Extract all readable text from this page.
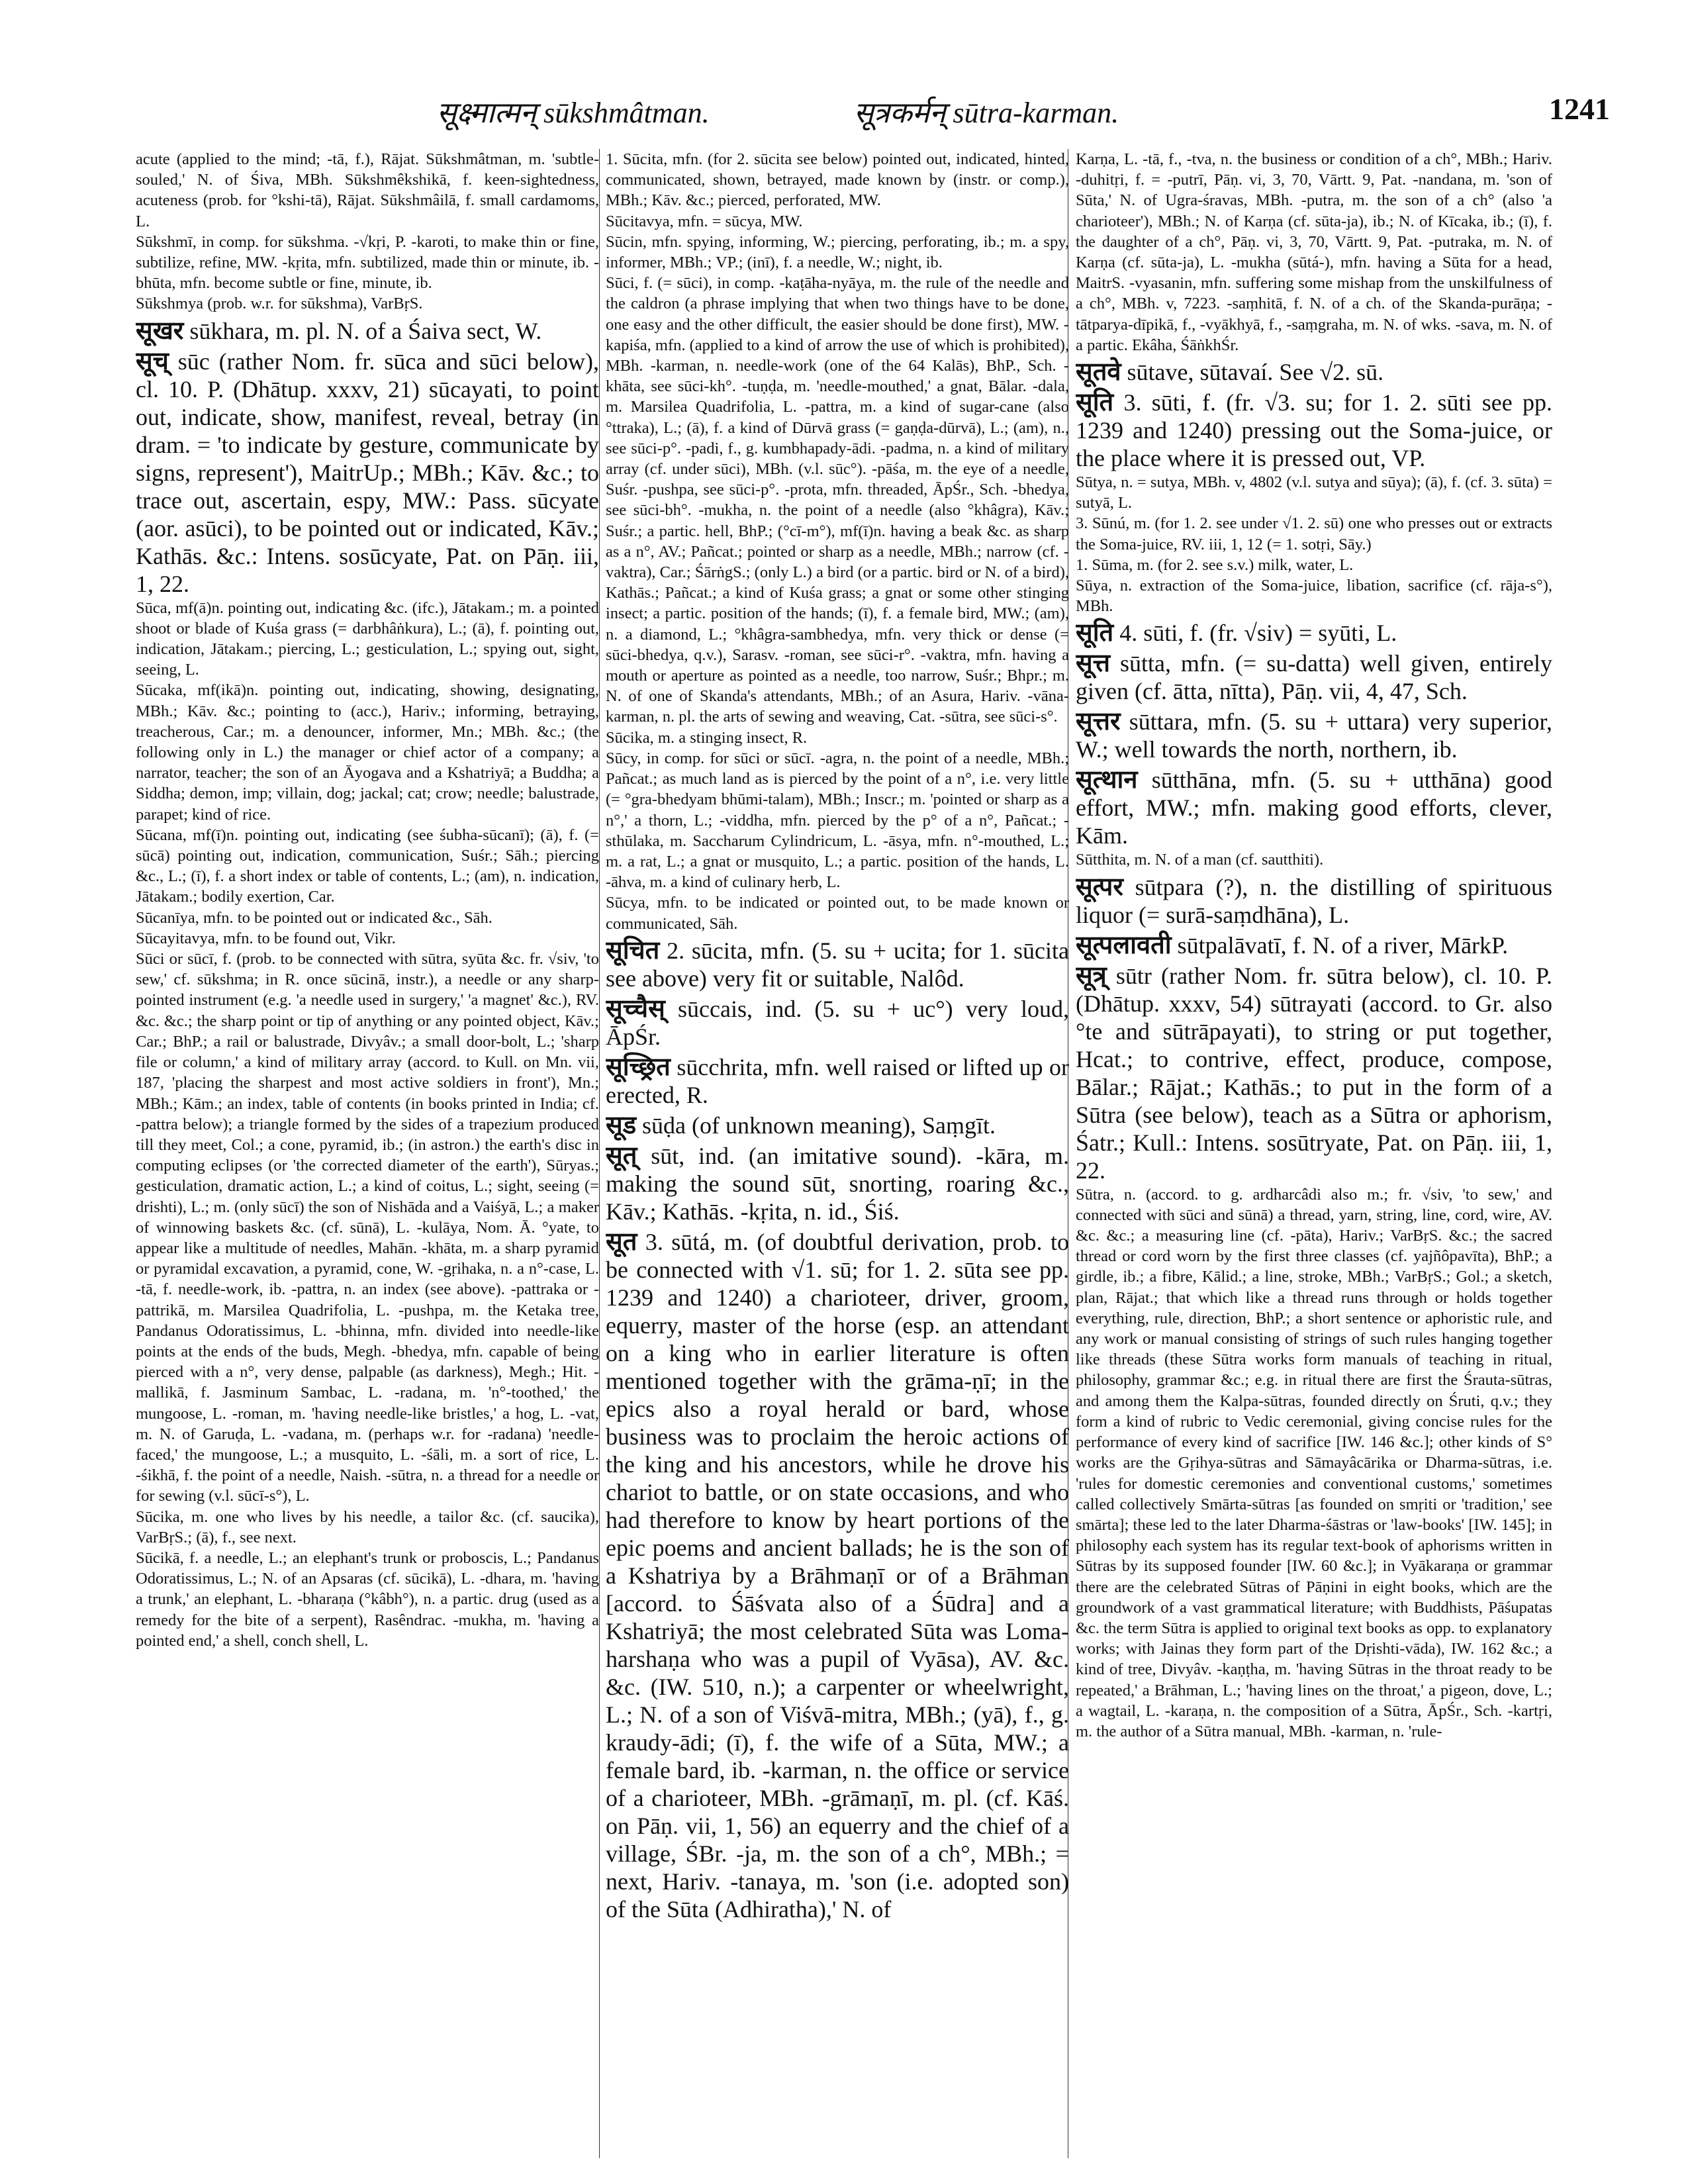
सूक्ष्मात्मन् sūkshmâtman.	सूत्रकर्मन् sūtra-karman.	1241

acute (applied to the mind; -tā, f.), Rājat. Sūkshmâtman, m. 'subtle-souled,' N. of Śiva, MBh. Sūkshmêkshikā, f. keen-sightedness, acuteness (prob. for °kshi-tā), Rājat. Sūkshmâilā, f. small cardamoms, L.

Sūkshmī, in comp. for sūkshma. -√kṛi, P. -karoti, to make thin or fine, subtilize, refine, MW. -kṛita, mfn. subtilized, made thin or minute, ib. -bhūta, mfn. become subtle or fine, minute, ib.

Sūkshmya (prob. w.r. for sūkshma), VarBṛS.

सूखर sūkhara, m. pl. N. of a Śaiva sect, W.

सूच् sūc (rather Nom. fr. sūca and sūci below), cl. 10. P. (Dhātup. xxxv, 21) sūcayati, to point out, indicate, show, manifest, reveal, betray (in dram. = 'to indicate by gesture, communicate by signs, represent'), MaitrUp.; MBh.; Kāv. &c.; to trace out, ascertain, espy, MW.: Pass. sūcyate (aor. asūci), to be pointed out or indicated, Kāv.; Kathās. &c.: Intens. sosūcyate, Pat. on Pāṇ. iii, 1, 22.

Sūca, mf(ā)n. pointing out, indicating &c. (ifc.), Jātakam.; m. a pointed shoot or blade of Kuśa grass (= darbhâṅkura), L.; (ā), f. pointing out, indication, Jātakam.; piercing, L.; gesticulation, L.; spying out, sight, seeing, L.

Sūcaka, mf(ikā)n. pointing out, indicating, showing, designating, MBh.; Kāv. &c.; pointing to (acc.), Hariv.; informing, betraying, treacherous, Car.; m. a denouncer, informer, Mn.; MBh. &c.; (the following only in L.) the manager or chief actor of a company; a narrator, teacher; the son of an Āyogava and a Kshatriyā; a Buddha; a Siddha; demon, imp; villain, dog; jackal; cat; crow; needle; balustrade, parapet; kind of rice.

Sūcana, mf(ī)n. pointing out, indicating (see śubha-sūcanī); (ā), f. (= sūcā) pointing out, indication, communication, Suśr.; Sāh.; piercing &c., L.; (ī), f. a short index or table of contents, L.; (am), n. indication, Jātakam.; bodily exertion, Car.

Sūcanīya, mfn. to be pointed out or indicated &c., Sāh.

Sūcayitavya, mfn. to be found out, Vikr.

Sūci or sūcī, f. (prob. to be connected with sūtra, syūta &c. fr. √siv, 'to sew,' cf. sūkshma; in R. once sūcinā, instr.), a needle or any sharp-pointed instrument (e.g. 'a needle used in surgery,' 'a magnet' &c.), RV. &c. &c.; the sharp point or tip of anything or any pointed object, Kāv.; Car.; BhP.; a rail or balustrade, Divyâv.; a small door-bolt, L.; 'sharp file or column,' a kind of military array (accord. to Kull. on Mn. vii, 187, 'placing the sharpest and most active soldiers in front'), Mn.; MBh.; Kām.; an index, table of contents (in books printed in India; cf. -pattra below); a triangle formed by the sides of a trapezium produced till they meet, Col.; a cone, pyramid, ib.; (in astron.) the earth's disc in computing eclipses (or 'the corrected diameter of the earth'), Sūryas.; gesticulation, dramatic action, L.; a kind of coitus, L.; sight, seeing (= drishti), L.; m. (only sūcī) the son of Nishāda and a Vaiśyā, L.; a maker of winnowing baskets &c. (cf. sūnā), L. -kulāya, Nom. Ā. °yate, to appear like a multitude of needles, Mahān. -khāta, m. a sharp pyramid or pyramidal excavation, a pyramid, cone, W. -gṛihaka, n. a n°-case, L. -tā, f. needle-work, ib. -pattra, n. an index (see above). -pattraka or -pattrikā, m. Marsilea Quadrifolia, L. -pushpa, m. the Ketaka tree, Pandanus Odoratissimus, L. -bhinna, mfn. divided into needle-like points at the ends of the buds, Megh. -bhedya, mfn. capable of being pierced with a n°, very dense, palpable (as darkness), Megh.; Hit. -mallikā, f. Jasminum Sambac, L. -radana, m. 'n°-toothed,' the mungoose, L. -roman, m. 'having needle-like bristles,' a hog, L. -vat, m. N. of Garuḍa, L. -vadana, m. (perhaps w.r. for -radana) 'needle-faced,' the mungoose, L.; a musquito, L. -śāli, m. a sort of rice, L. -śikhā, f. the point of a needle, Naish. -sūtra, n. a thread for a needle or for sewing (v.l. sūcī-s°), L.

Sūcika, m. one who lives by his needle, a tailor &c. (cf. saucika), VarBṛS.; (ā), f., see next.

Sūcikā, f. a needle, L.; an elephant's trunk or proboscis, L.; Pandanus Odoratissimus, L.; N. of an Apsaras (cf. sūcikā), L. -dhara, m. 'having a trunk,' an elephant, L. -bharaṇa (°kâbh°), n. a partic. drug (used as a remedy for the bite of a serpent), Rasêndrac. -mukha, m. 'having a pointed end,' a shell, conch shell, L.

1. Sūcita, mfn. (for 2. sūcita see below) pointed out, indicated, hinted, communicated, shown, betrayed, made known by (instr. or comp.), MBh.; Kāv. &c.; pierced, perforated, MW.

Sūcitavya, mfn. = sūcya, MW.

Sūcin, mfn. spying, informing, W.; piercing, perforating, ib.; m. a spy, informer, MBh.; VP.; (inī), f. a needle, W.; night, ib.

Sūci, f. (= sūci), in comp. -kaṭāha-nyāya, m. the rule of the needle and the caldron (a phrase implying that when two things have to be done, one easy and the other difficult, the easier should be done first), MW. -kapiśa, mfn. (applied to a kind of arrow the use of which is prohibited), MBh. -karman, n. needle-work (one of the 64 Kalās), BhP., Sch. -khāta, see sūci-kh°. -tuṇḍa, m. 'needle-mouthed,' a gnat, Bālar. -dala, m. Marsilea Quadrifolia, L. -pattra, m. a kind of sugar-cane (also °ttraka), L.; (ā), f. a kind of Dūrvā grass (= gaṇḍa-dūrvā), L.; (am), n., see sūci-p°. -padi, f., g. kumbhapady-ādi. -padma, n. a kind of military array (cf. under sūci), MBh. (v.l. sūc°). -pāśa, m. the eye of a needle, Suśr. -pushpa, see sūci-p°. -prota, mfn. threaded, ĀpŚr., Sch. -bhedya, see sūci-bh°. -mukha, n. the point of a needle (also °khâgra), Kāv.; Suśr.; a partic. hell, BhP.; (°cī-m°), mf(ī)n. having a beak &c. as sharp as a n°, AV.; Pañcat.; pointed or sharp as a needle, MBh.; narrow (cf. -vaktra), Car.; ŚārṅgS.; (only L.) a bird (or a partic. bird or N. of a bird), Kathās.; Pañcat.; a kind of Kuśa grass; a gnat or some other stinging insect; a partic. position of the hands; (ī), f. a female bird, MW.; (am), n. a diamond, L.; °khâgra-sambhedya, mfn. very thick or dense (= sūci-bhedya, q.v.), Sarasv. -roman, see sūci-r°. -vaktra, mfn. having a mouth or aperture as pointed as a needle, too narrow, Suśr.; Bhpr.; m. N. of one of Skanda's attendants, MBh.; of an Asura, Hariv. -vāna-karman, n. pl. the arts of sewing and weaving, Cat. -sūtra, see sūci-s°.

Sūcika, m. a stinging insect, R.

Sūcy, in comp. for sūci or sūcī. -agra, n. the point of a needle, MBh.; Pañcat.; as much land as is pierced by the point of a n°, i.e. very little (= °gra-bhedyam bhūmi-talam), MBh.; Inscr.; m. 'pointed or sharp as a n°,' a thorn, L.; -viddha, mfn. pierced by the p° of a n°, Pañcat.; -sthūlaka, m. Saccharum Cylindricum, L. -āsya, mfn. n°-mouthed, L.; m. a rat, L.; a gnat or musquito, L.; a partic. position of the hands, L. -āhva, m. a kind of culinary herb, L.

Sūcya, mfn. to be indicated or pointed out, to be made known or communicated, Sāh.

सूचित 2. sūcita, mfn. (5. su + ucita; for 1. sūcita see above) very fit or suitable, Nalôd.

सूच्चैस् sūccais, ind. (5. su + uc°) very loud, ĀpŚr.

सूच्छ्रित sūcchrita, mfn. well raised or lifted up or erected, R.

सूड sūḍa (of unknown meaning), Saṃgīt.

सूत् sūt, ind. (an imitative sound). -kāra, m. making the sound sūt, snorting, roaring &c., Kāv.; Kathās. -kṛita, n. id., Śiś.

सूत 3. sūtá, m. (of doubtful derivation, prob. to be connected with √1. sū; for 1. 2. sūta see pp. 1239 and 1240) a charioteer, driver, groom, equerry, master of the horse (esp. an attendant on a king who in earlier literature is often mentioned together with the grāma-ṇī; in the epics also a royal herald or bard, whose business was to proclaim the heroic actions of the king and his ancestors, while he drove his chariot to battle, or on state occasions, and who had therefore to know by heart portions of the epic poems and ancient ballads; he is the son of a Kshatriya by a Brāhmaṇī or of a Brāhman [accord. to Śāśvata also of a Śūdra] and a Kshatriyā; the most celebrated Sūta was Loma-harshaṇa who was a pupil of Vyāsa), AV. &c. &c. (IW. 510, n.); a carpenter or wheelwright, L.; N. of a son of Viśvā-mitra, MBh.; (yā), f., g. kraudy-ādi; (ī), f. the wife of a Sūta, MW.; a female bard, ib. -karman, n. the office or service of a charioteer, MBh. -grāmaṇī, m. pl. (cf. Kāś. on Pāṇ. vii, 1, 56) an equerry and the chief of a village, ŚBr. -ja, m. the son of a ch°, MBh.; = next, Hariv. -tanaya, m. 'son (i.e. adopted son) of the Sūta (Adhiratha),' N. of

Karṇa, L. -tā, f., -tva, n. the business or condition of a ch°, MBh.; Hariv. -duhitṛi, f. = -putrī, Pāṇ. vi, 3, 70, Vārtt. 9, Pat. -nandana, m. 'son of Sūta,' N. of Ugra-śravas, MBh. -putra, m. the son of a ch° (also 'a charioteer'), MBh.; N. of Karṇa (cf. sūta-ja), ib.; N. of Kīcaka, ib.; (ī), f. the daughter of a ch°, Pāṇ. vi, 3, 70, Vārtt. 9, Pat. -putraka, m. N. of Karṇa (cf. sūta-ja), L. -mukha (sūtá-), mfn. having a Sūta for a head, MaitrS. -vyasanin, mfn. suffering some mishap from the unskilfulness of a ch°, MBh. v, 7223. -saṃhitā, f. N. of a ch. of the Skanda-purāṇa; -tātparya-dīpikā, f., -vyākhyā, f., -saṃgraha, m. N. of wks. -sava, m. N. of a partic. Ekâha, ŚāṅkhŚr.

सूतवे sūtave, sūtavaí. See √2. sū.

सूति 3. sūti, f. (fr. √3. su; for 1. 2. sūti see pp. 1239 and 1240) pressing out the Soma-juice, or the place where it is pressed out, VP.

Sūtya, n. = sutya, MBh. v, 4802 (v.l. sutya and sūya); (ā), f. (cf. 3. sūta) = sutyā, L.

3. Sūnú, m. (for 1. 2. see under √1. 2. sū) one who presses out or extracts the Soma-juice, RV. iii, 1, 12 (= 1. sotṛi, Sāy.)

1. Sūma, m. (for 2. see s.v.) milk, water, L.

Sūya, n. extraction of the Soma-juice, libation, sacrifice (cf. rāja-s°), MBh.

सूति 4. sūti, f. (fr. √siv) = syūti, L.

सूत्त sūtta, mfn. (= su-datta) well given, entirely given (cf. ātta, nītta), Pāṇ. vii, 4, 47, Sch.

सूत्तर sūttara, mfn. (5. su + uttara) very superior, W.; well towards the north, northern, ib.

सूत्थान sūtthāna, mfn. (5. su + utthāna) good effort, MW.; mfn. making good efforts, clever, Kām.

Sūtthita, m. N. of a man (cf. sautthiti).

सूत्पर sūtpara (?), n. the distilling of spirituous liquor (= surā-saṃdhāna), L.

सूत्पलावती sūtpalāvatī, f. N. of a river, MārkP.

सूत्र् sūtr (rather Nom. fr. sūtra below), cl. 10. P. (Dhātup. xxxv, 54) sūtrayati (accord. to Gr. also °te and sūtrāpayati), to string or put together, Hcat.; to contrive, effect, produce, compose, Bālar.; Rājat.; Kathās.; to put in the form of a Sūtra (see below), teach as a Sūtra or aphorism, Śatr.; Kull.: Intens. sosūtryate, Pat. on Pāṇ. iii, 1, 22.

Sūtra, n. (accord. to g. ardharcâdi also m.; fr. √siv, 'to sew,' and connected with sūci and sūnā) a thread, yarn, string, line, cord, wire, AV. &c. &c.; a measuring line (cf. -pāta), Hariv.; VarBṛS. &c.; the sacred thread or cord worn by the first three classes (cf. yajñôpavīta), BhP.; a girdle, ib.; a fibre, Kālid.; a line, stroke, MBh.; VarBṛS.; Gol.; a sketch, plan, Rājat.; that which like a thread runs through or holds together everything, rule, direction, BhP.; a short sentence or aphoristic rule, and any work or manual consisting of strings of such rules hanging together like threads (these Sūtra works form manuals of teaching in ritual, philosophy, grammar &c.; e.g. in ritual there are first the Śrauta-sūtras, and among them the Kalpa-sūtras, founded directly on Śruti, q.v.; they form a kind of rubric to Vedic ceremonial, giving concise rules for the performance of every kind of sacrifice [IW. 146 &c.]; other kinds of S° works are the Gṛihya-sūtras and Sāmayâcārika or Dharma-sūtras, i.e. 'rules for domestic ceremonies and conventional customs,' sometimes called collectively Smārta-sūtras [as founded on smṛiti or 'tradition,' see smārta]; these led to the later Dharma-śāstras or 'law-books' [IW. 145]; in philosophy each system has its regular text-book of aphorisms written in Sūtras by its supposed founder [IW. 60 &c.]; in Vyākaraṇa or grammar there are the celebrated Sūtras of Pāṇini in eight books, which are the groundwork of a vast grammatical literature; with Buddhists, Pāśupatas &c. the term Sūtra is applied to original text books as opp. to explanatory works; with Jainas they form part of the Dṛishti-vāda), IW. 162 &c.; a kind of tree, Divyâv. -kaṇṭha, m. 'having Sūtras in the throat ready to be repeated,' a Brāhman, L.; 'having lines on the throat,' a pigeon, dove, L.; a wagtail, L. -karaṇa, n. the composition of a Sūtra, ĀpŚr., Sch. -kartṛi, m. the author of a Sūtra manual, MBh. -karman, n. 'rule-
